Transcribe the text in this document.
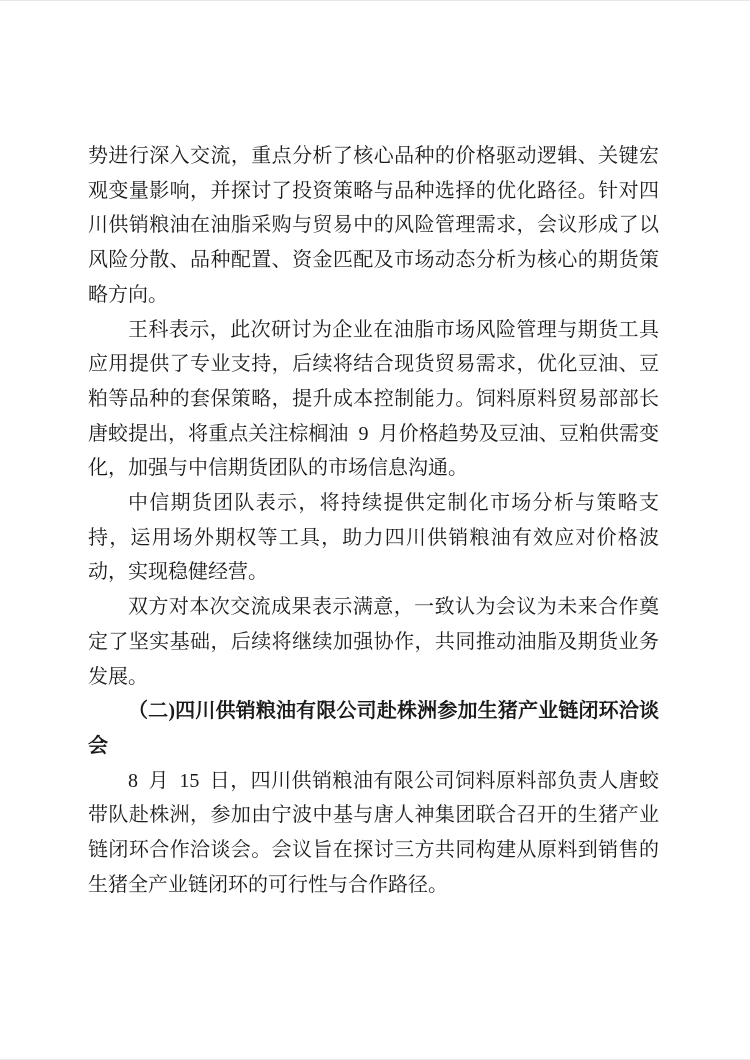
势进行深入交流，重点分析了核心品种的价格驱动逻辑、关键宏观变量影响，并探讨了投资策略与品种选择的优化路径。针对四川供销粮油在油脂采购与贸易中的风险管理需求，会议形成了以风险分散、品种配置、资金匹配及市场动态分析为核心的期货策略方向。

王科表示，此次研讨为企业在油脂市场风险管理与期货工具应用提供了专业支持，后续将结合现货贸易需求，优化豆油、豆粕等品种的套保策略，提升成本控制能力。饲料原料贸易部部长唐蛟提出，将重点关注棕榈油 9 月价格趋势及豆油、豆粕供需变化，加强与中信期货团队的市场信息沟通。

中信期货团队表示，将持续提供定制化市场分析与策略支持，运用场外期权等工具，助力四川供销粮油有效应对价格波动，实现稳健经营。

双方对本次交流成果表示满意，一致认为会议为未来合作奠定了坚实基础，后续将继续加强协作，共同推动油脂及期货业务发展。

（二)四川供销粮油有限公司赴株洲参加生猪产业链闭环洽谈会

8 月 15 日，四川供销粮油有限公司饲料原料部负责人唐蛟带队赴株洲，参加由宁波中基与唐人神集团联合召开的生猪产业链闭环合作洽谈会。会议旨在探讨三方共同构建从原料到销售的生猪全产业链闭环的可行性与合作路径。
